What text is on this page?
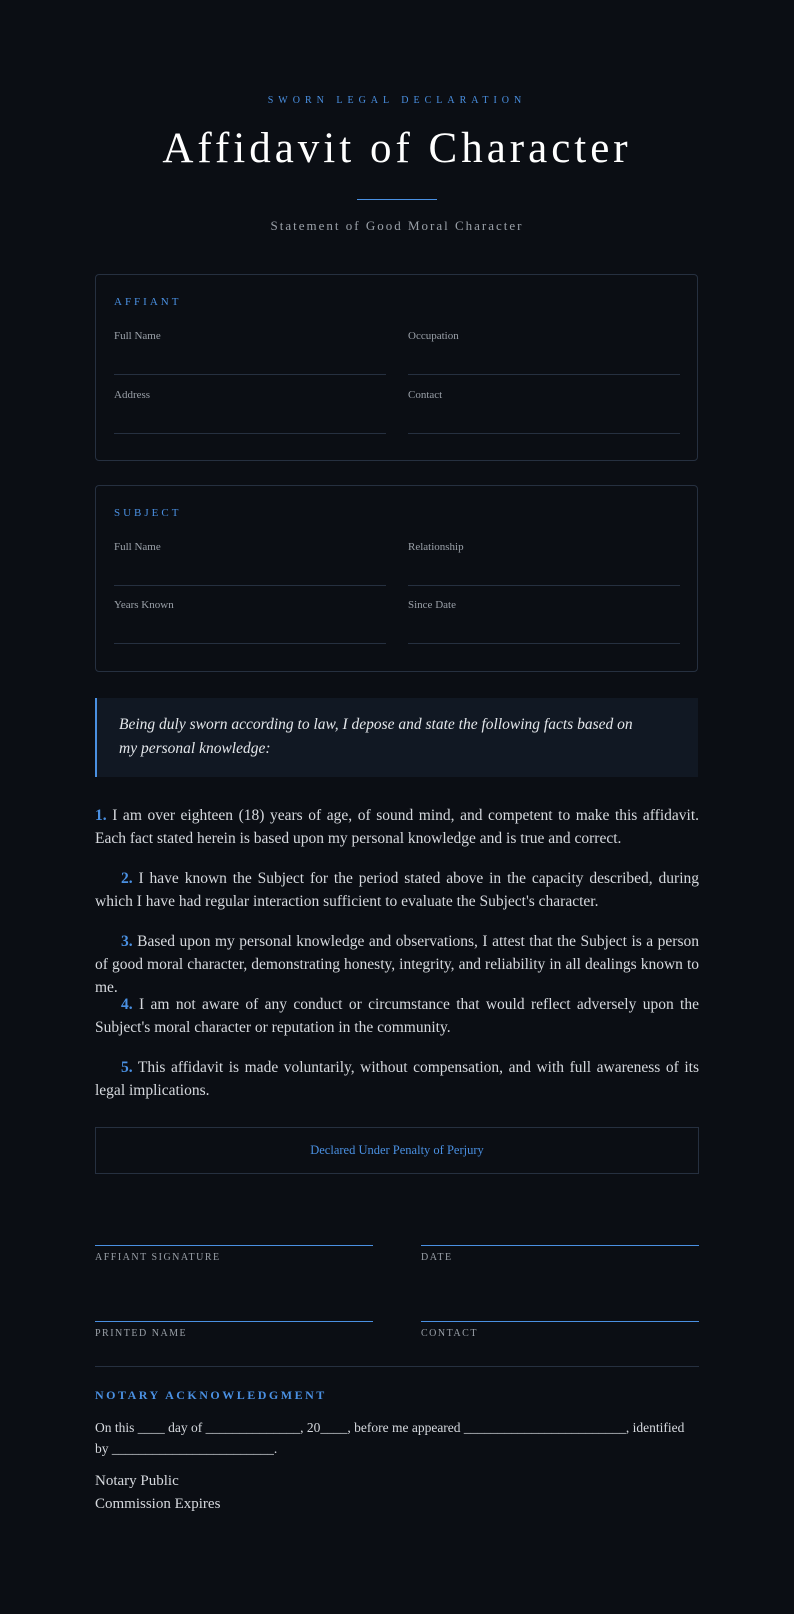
SWORN LEGAL DECLARATION
Affidavit of Character
Statement of Good Moral Character
AFFIANT
Full Name	Occupation
Address	Contact
SUBJECT
Full Name	Relationship
Years Known	Since Date
Being duly sworn according to law, I depose and state the following facts based on my personal knowledge:
1. I am over eighteen (18) years of age, of sound mind, and competent to make this affidavit. Each fact stated herein is based upon my personal knowledge and is true and correct.
2. I have known the Subject for the period stated above in the capacity described, during which I have had regular interaction sufficient to evaluate the Subject's character.
3. Based upon my personal knowledge and observations, I attest that the Subject is a person of good moral character, demonstrating honesty, integrity, and reliability in all dealings known to me.
4. I am not aware of any conduct or circumstance that would reflect adversely upon the Subject's moral character or reputation in the community.
5. This affidavit is made voluntarily, without compensation, and with full awareness of its legal implications.
Declared Under Penalty of Perjury
AFFIANT SIGNATURE	DATE
PRINTED NAME	CONTACT
NOTARY ACKNOWLEDGMENT
On this ____ day of ______________, 20____, before me appeared ________________________, identified by ________________________.
Notary Public
Commission Expires
